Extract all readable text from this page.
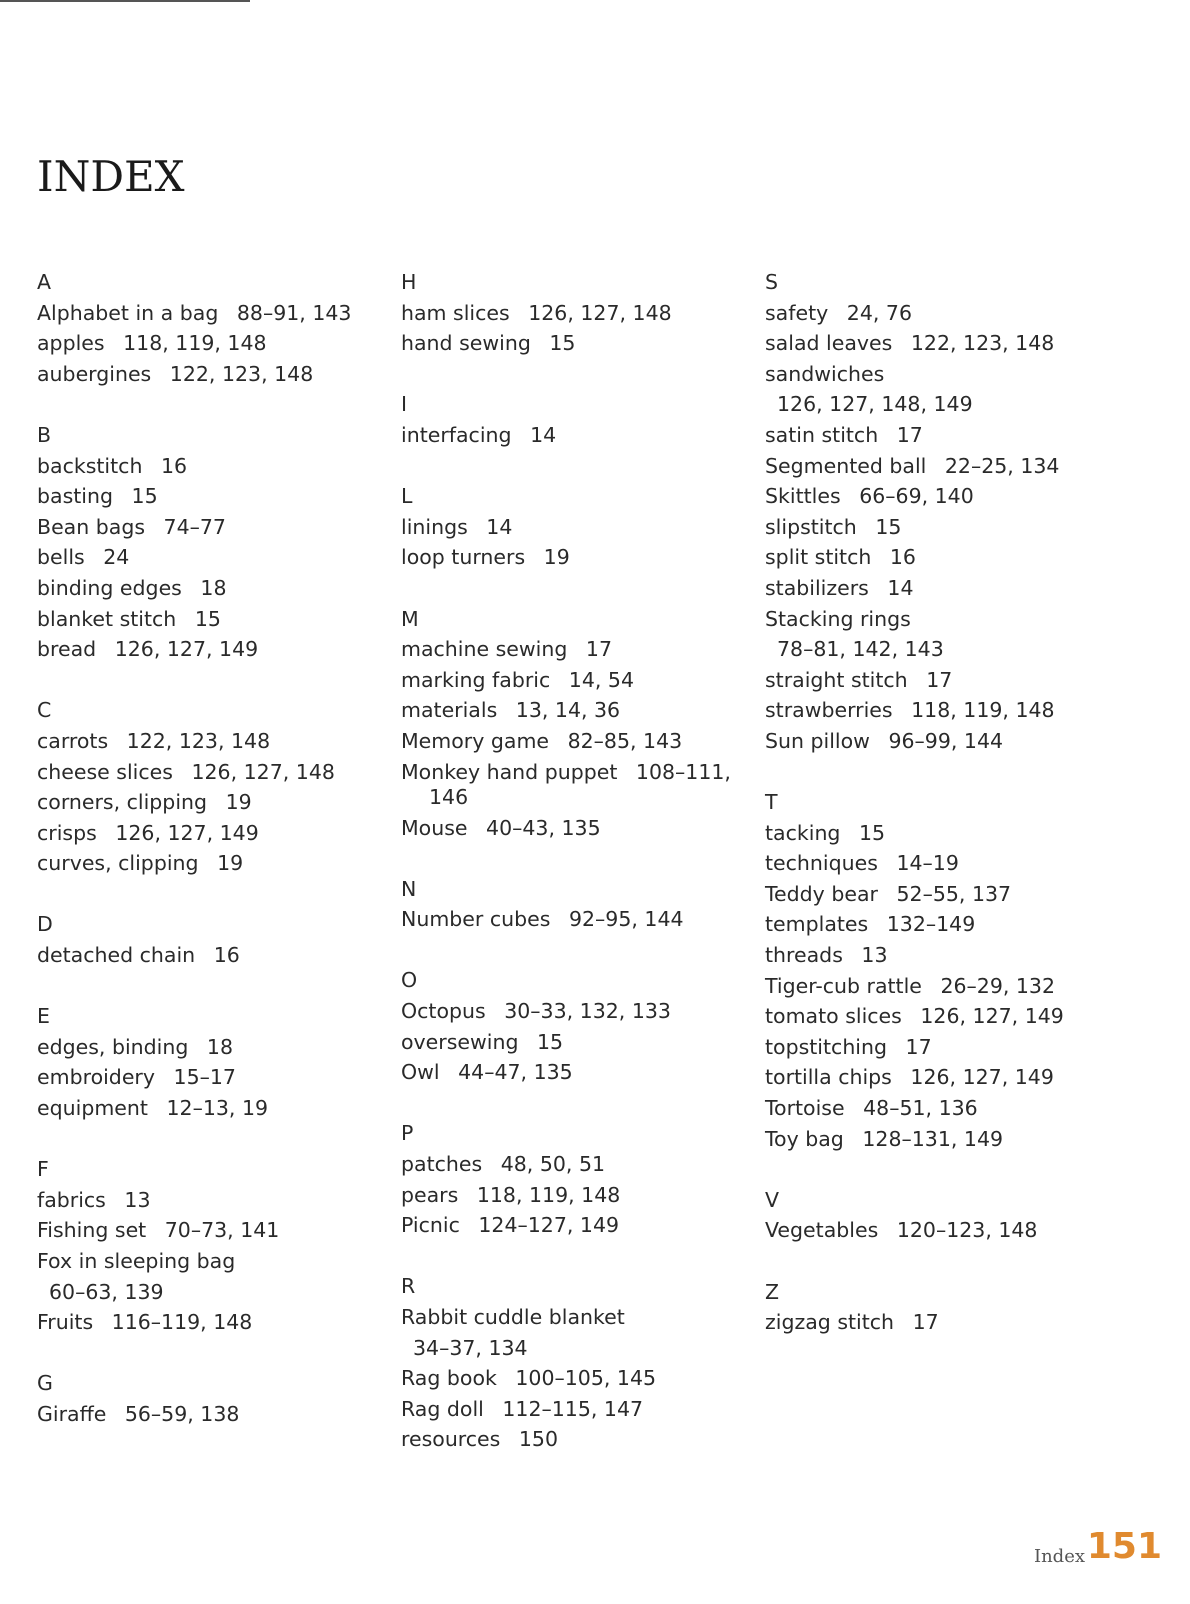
INDEX
A
Alphabet in a bag 88–91, 143
apples 118, 119, 148
aubergines 122, 123, 148
B
backstitch 16
basting 15
Bean bags 74–77
bells 24
binding edges 18
blanket stitch 15
bread 126, 127, 149
C
carrots 122, 123, 148
cheese slices 126, 127, 148
corners, clipping 19
crisps 126, 127, 149
curves, clipping 19
D
detached chain 16
E
edges, binding 18
embroidery 15–17
equipment 12–13, 19
F
fabrics 13
Fishing set 70–73, 141
Fox in sleeping bag 60–63, 139
Fruits 116–119, 148
G
Giraffe 56–59, 138
H
ham slices 126, 127, 148
hand sewing 15
I
interfacing 14
L
linings 14
loop turners 19
M
machine sewing 17
marking fabric 14, 54
materials 13, 14, 36
Memory game 82–85, 143
Monkey hand puppet 108–111, 146
Mouse 40–43, 135
N
Number cubes 92–95, 144
O
Octopus 30–33, 132, 133
oversewing 15
Owl 44–47, 135
P
patches 48, 50, 51
pears 118, 119, 148
Picnic 124–127, 149
R
Rabbit cuddle blanket 34–37, 134
Rag book 100–105, 145
Rag doll 112–115, 147
resources 150
S
safety 24, 76
salad leaves 122, 123, 148
sandwiches 126, 127, 148, 149
satin stitch 17
Segmented ball 22–25, 134
Skittles 66–69, 140
slipstitch 15
split stitch 16
stabilizers 14
Stacking rings 78–81, 142, 143
straight stitch 17
strawberries 118, 119, 148
Sun pillow 96–99, 144
T
tacking 15
techniques 14–19
Teddy bear 52–55, 137
templates 132–149
threads 13
Tiger-cub rattle 26–29, 132
tomato slices 126, 127, 149
topstitching 17
tortilla chips 126, 127, 149
Tortoise 48–51, 136
Toy bag 128–131, 149
V
Vegetables 120–123, 148
Z
zigzag stitch 17
Index 151
